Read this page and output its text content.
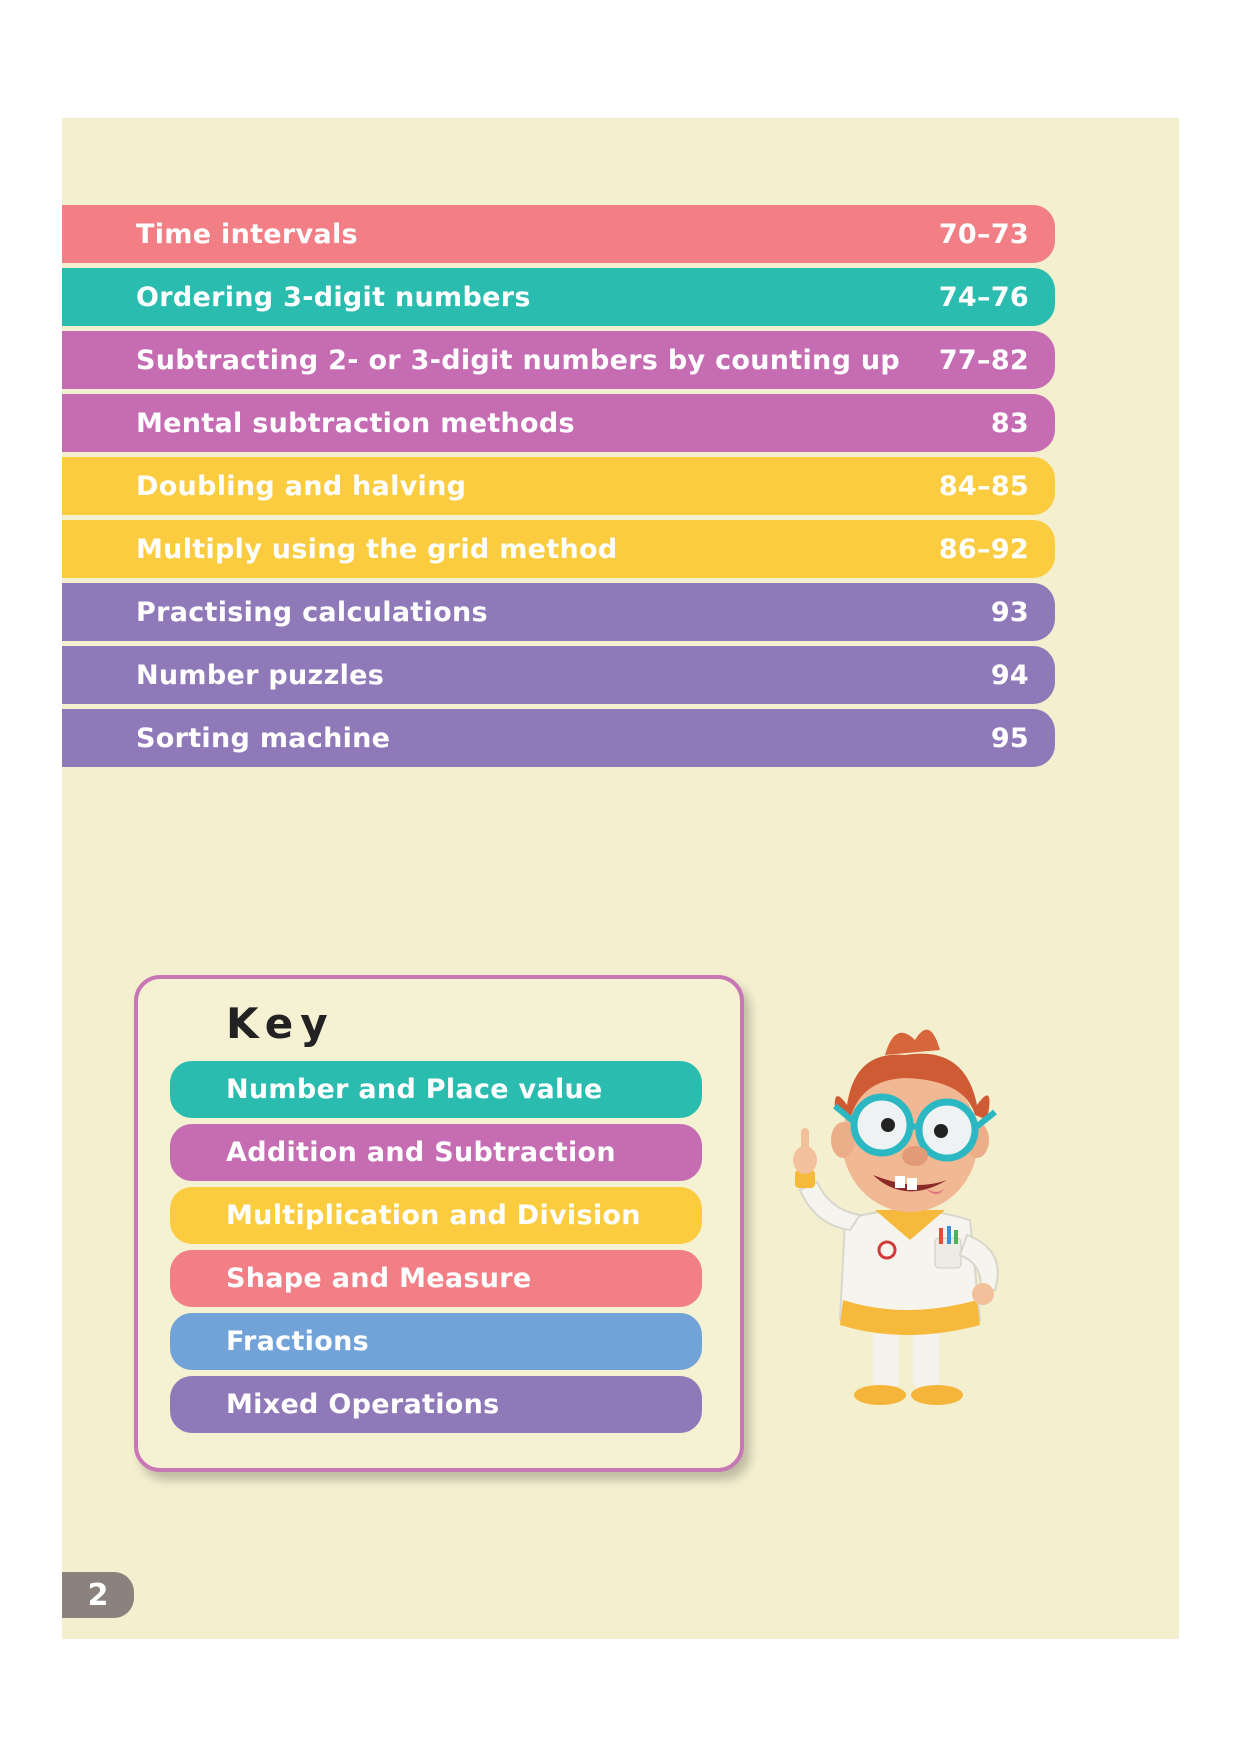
Time intervals	70–73
Ordering 3-digit numbers	74–76
Subtracting 2- or 3-digit numbers by counting up 77–82
Mental subtraction methods	83
Doubling and halving	84–85
Multiply using the grid method	86–92
Practising calculations	93
Number puzzles	94
Sorting machine	95
Key
Number and Place value
Addition and Subtraction
Multiplication and Division
Shape and Measure
Fractions
Mixed Operations
2
